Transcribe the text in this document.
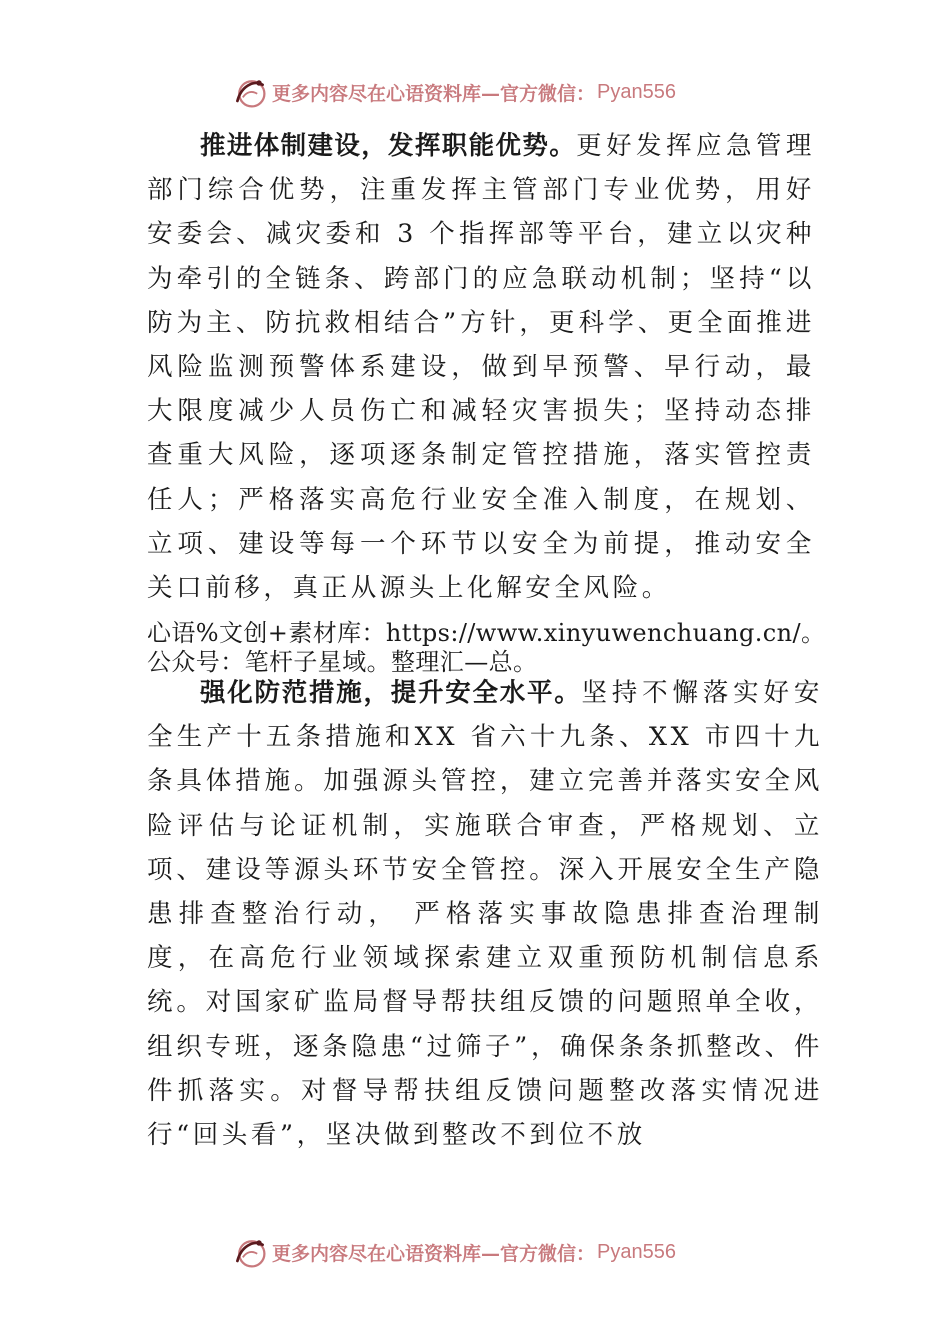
更多内容尽在心语资料库—官方微信： Pyan556

推进体制建设，发挥职能优势。更好发挥应急管理部门综合优势，注重发挥主管部门专业优势，用好安委会、减灾委和 3 个指挥部等平台，建立以灾种为牵引的全链条、跨部门的应急联动机制；坚持“以防为主、防抗救相结合”方针，更科学、更全面推进风险监测预警体系建设，做到早预警、早行动，最大限度减少人员伤亡和减轻灾害损失；坚持动态排查重大风险，逐项逐条制定管控措施，落实管控责任人；严格落实高危行业安全准入制度，在规划、立项、建设等每一个环节以安全为前提，推动安全关口前移，真正从源头上化解安全风险。

心语%文创+素材库：https://www.xinyuwenchuang.cn/。

公众号：笔杆子星域。整理汇—总。

强化防范措施，提升安全水平。坚持不懈落实好安全生产十五条措施和XX 省六十九条、XX 市四十九条具体措施。加强源头管控，建立完善并落实安全风险评估与论证机制，实施联合审查，严格规划、立项、建设等源头环节安全管控。深入开展安全生产隐患排查整治行动， 严格落实事故隐患排查治理制度，在高危行业领域探索建立双重预防机制信息系统。对国家矿监局督导帮扶组反馈的问题照单全收，组织专班，逐条隐患“过筛子”，确保条条抓整改、件件抓落实。对督导帮扶组反馈问题整改落实情况进行“回头看”，坚决做到整改不到位不放

更多内容尽在心语资料库—官方微信： Pyan556
